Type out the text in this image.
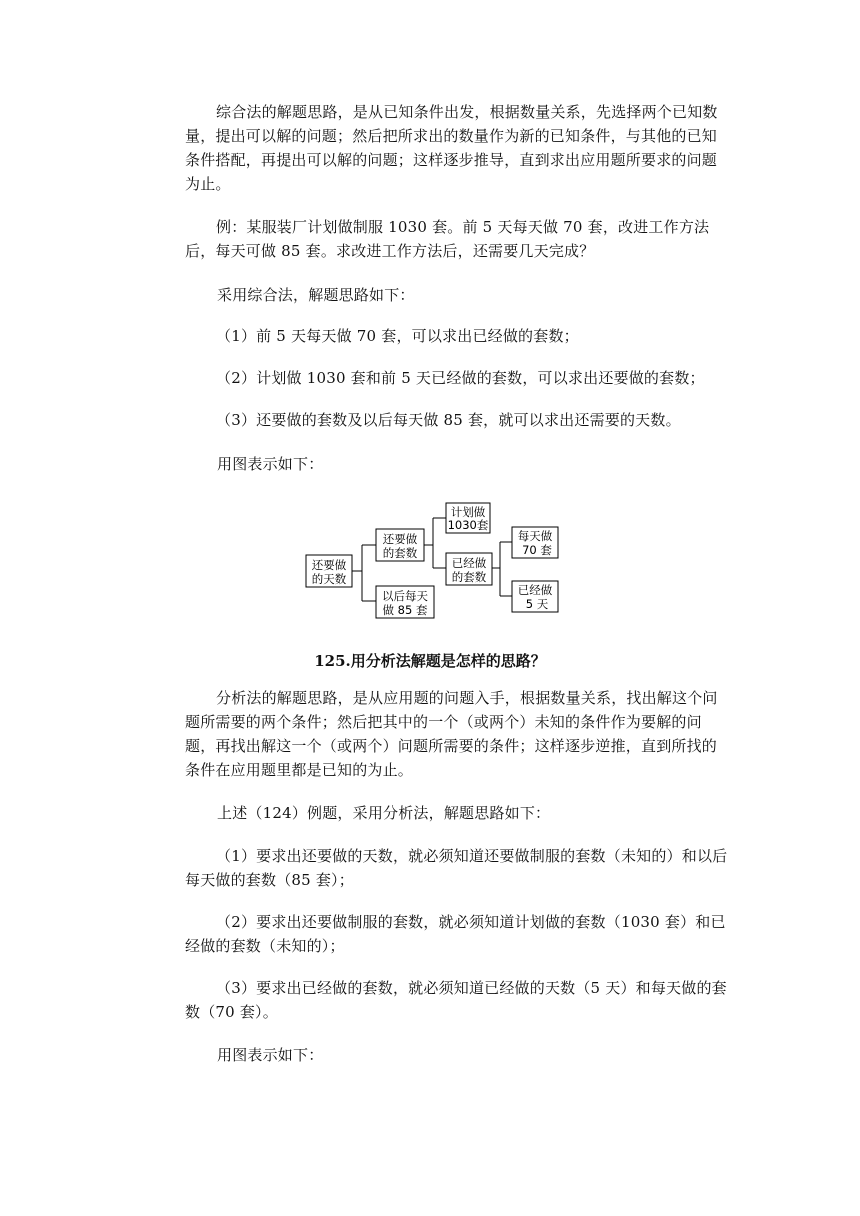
综合法的解题思路，是从已知条件出发，根据数量关系，先选择两个已知数量，提出可以解的问题；然后把所求出的数量作为新的已知条件，与其他的已知条件搭配，再提出可以解的问题；这样逐步推导，直到求出应用题所要求的问题为止。

例：某服装厂计划做制服 1030 套。前 5 天每天做 70 套，改进工作方法后，每天可做 85 套。求改进工作方法后，还需要几天完成？

采用综合法，解题思路如下：

（1）前 5 天每天做 70 套，可以求出已经做的套数；

（2）计划做 1030 套和前 5 天已经做的套数，可以求出还要做的套数；

（3）还要做的套数及以后每天做 85 套，就可以求出还需要的天数。

用图表示如下：

还要做
的天数
还要做
的套数
以后每天
做 85 套
计划做
1030套
已经做
的套数
每天做
70 套
已经做
5 天

125.用分析法解题是怎样的思路？

分析法的解题思路，是从应用题的问题入手，根据数量关系，找出解这个问题所需要的两个条件；然后把其中的一个（或两个）未知的条件作为要解的问题，再找出解这一个（或两个）问题所需要的条件；这样逐步逆推，直到所找的条件在应用题里都是已知的为止。

上述（124）例题，采用分析法，解题思路如下：

（1）要求出还要做的天数，就必须知道还要做制服的套数（未知的）和以后每天做的套数（85 套）；

（2）要求出还要做制服的套数，就必须知道计划做的套数（1030 套）和已经做的套数（未知的）；

（3）要求出已经做的套数，就必须知道已经做的天数（5 天）和每天做的套数（70 套）。

用图表示如下：
